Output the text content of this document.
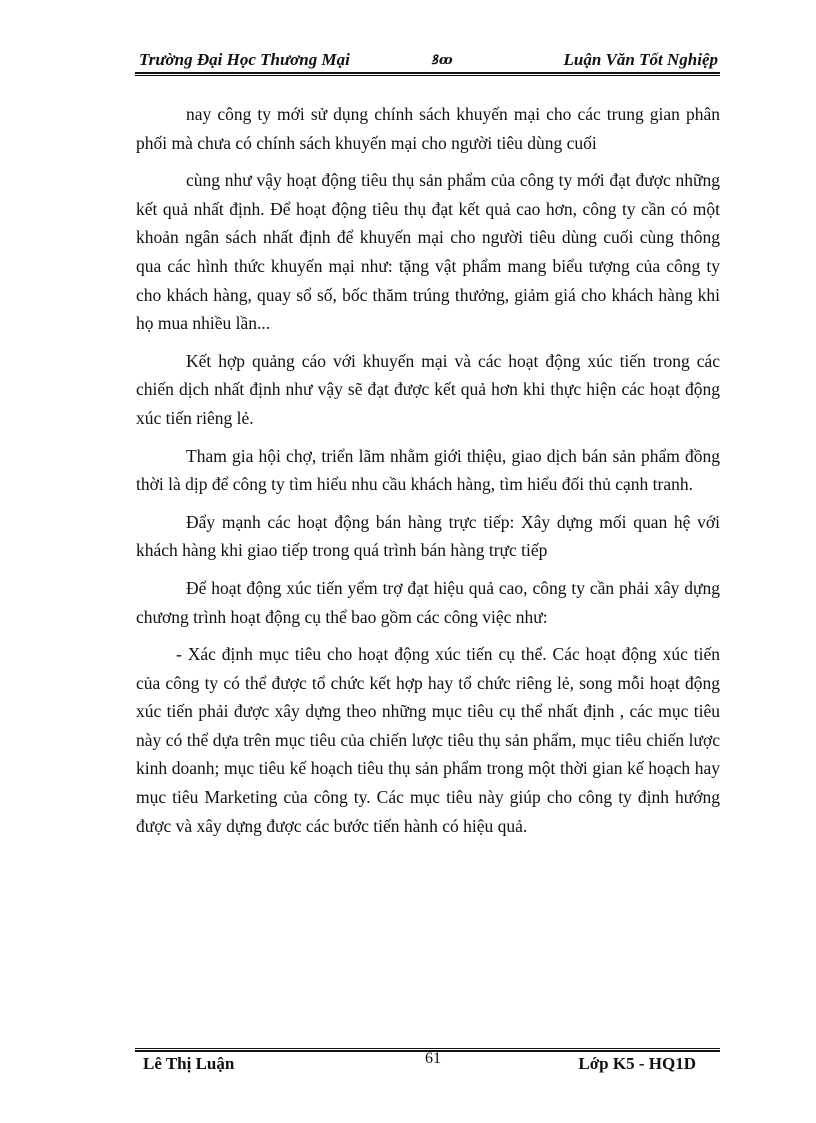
Trường Đại Học Thương Mại	ꝸꝏ	Luận Văn Tốt Nghiệp

nay công ty mới sử dụng chính sách khuyến mại cho các trung gian phân phối mà chưa có chính sách khuyến mại cho người tiêu dùng cuối

cùng như vậy hoạt động tiêu thụ sản phẩm của công ty mới đạt được những kết quả nhất định. Để hoạt động tiêu thụ đạt kết quả cao hơn, công ty cần có một khoản ngân sách nhất định để khuyến mại cho người tiêu dùng cuối cùng thông qua các hình thức khuyến mại như: tặng vật phẩm mang biểu tượng của công ty cho khách hàng, quay sổ số, bốc thăm trúng thưởng, giảm giá cho khách hàng khi họ mua nhiều lần...

Kết hợp quảng cáo với khuyến mại và các hoạt động xúc tiến trong các chiến dịch nhất định như vậy sẽ đạt được kết quả hơn khi thực hiện các hoạt động xúc tiến riêng lẻ.

Tham gia hội chợ, triển lãm nhằm giới thiệu, giao dịch bán sản phẩm đồng thời là dịp để công ty tìm hiểu nhu cầu khách hàng, tìm hiểu đối thủ cạnh tranh.

Đẩy mạnh các hoạt động bán hàng trực tiếp: Xây dựng mối quan hệ với khách hàng khi giao tiếp trong quá trình bán hàng trực tiếp

Để hoạt động xúc tiến yểm trợ đạt hiệu quả cao, công ty cần phải xây dựng chương trình hoạt động cụ thể bao gồm các công việc như:

- Xác định mục tiêu cho hoạt động xúc tiến cụ thể. Các hoạt động xúc tiến của công ty có thể được tổ chức kết hợp hay tổ chức riêng lẻ, song mỗi hoạt động xúc tiến phải được xây dựng theo những mục tiêu cụ thể nhất định , các mục tiêu này có thể dựa trên mục tiêu của chiến lược tiêu thụ sản phẩm, mục tiêu chiến lược kinh doanh; mục tiêu kế hoạch tiêu thụ sản phẩm trong một thời gian kế hoạch hay mục tiêu Marketing của công ty. Các mục tiêu này giúp cho công ty định hướng được và xây dựng được các bước tiến hành có hiệu quả.

Lê Thị Luận	61	Lớp K5 - HQ1D
